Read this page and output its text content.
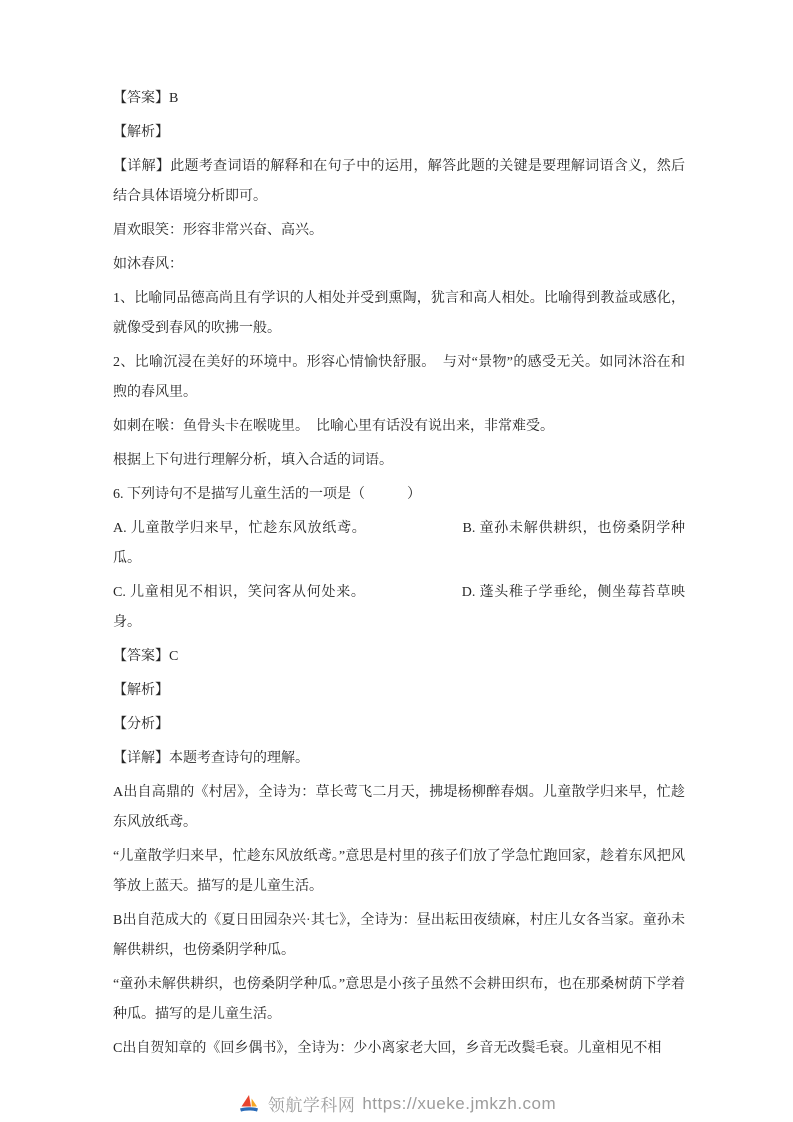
【答案】B

【解析】

【详解】此题考查词语的解释和在句子中的运用，解答此题的关键是要理解词语含义，然后结合具体语境分析即可。

眉欢眼笑：形容非常兴奋、高兴。

如沐春风：

1、比喻同品德高尚且有学识的人相处并受到熏陶，犹言和高人相处。比喻得到教益或感化，就像受到春风的吹拂一般。

2、比喻沉浸在美好的环境中。形容心情愉快舒服。　与对“景物”的感受无关。如同沐浴在和煦的春风里。

如刺在喉：鱼骨头卡在喉咙里。　比喻心里有话没有说出来，非常难受。

根据上下句进行理解分析，填入合适的词语。

6. 下列诗句不是描写儿童生活的一项是（　　　）

A. 儿童散学归来早，忙趁东风放纸鸢。　　　　　　　B. 童孙未解供耕织，也傍桑阴学种瓜。

C. 儿童相见不相识，笑问客从何处来。　　　　　　　D. 蓬头稚子学垂纶，侧坐莓苔草映身。

【答案】C

【解析】

【分析】

【详解】本题考查诗句的理解。

A出自高鼎的《村居》，全诗为：草长莺飞二月天，拂堤杨柳醉春烟。儿童散学归来早，忙趁东风放纸鸢。

“儿童散学归来早，忙趁东风放纸鸢。”意思是村里的孩子们放了学急忙跑回家，趁着东风把风筝放上蓝天。描写的是儿童生活。

B出自范成大的《夏日田园杂兴·其七》，全诗为：昼出耘田夜绩麻，村庄儿女各当家。童孙未解供耕织，也傍桑阴学种瓜。

“童孙未解供耕织，也傍桑阴学种瓜。”意思是小孩子虽然不会耕田织布，也在那桑树荫下学着种瓜。描写的是儿童生活。

C出自贺知章的《回乡偶书》，全诗为：少小离家老大回，乡音无改鬓毛衰。儿童相见不相

领航学科网 https://xueke.jmkzh.com
